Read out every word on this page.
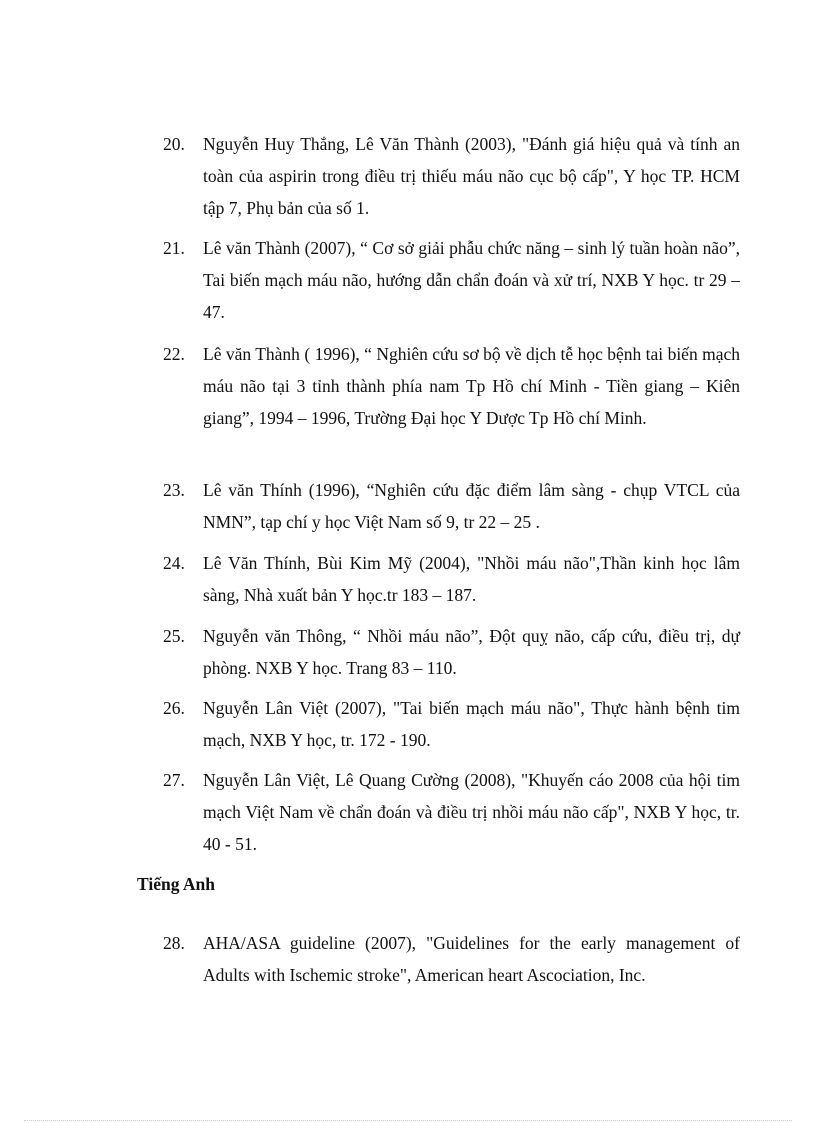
20.	Nguyễn Huy Thắng, Lê Văn Thành (2003), "Đánh giá hiệu quả và tính an toàn của aspirin trong điều trị thiếu máu não cục bộ cấp", Y học TP. HCM tập 7, Phụ bản của số 1.
21.	Lê văn Thành (2007), “ Cơ sở giải phẫu chức năng – sinh lý tuần hoàn não”, Tai biến mạch máu não, hướng dẫn chẩn đoán và xử trí, NXB Y học. tr 29 – 47.
22.	Lê văn Thành ( 1996), “ Nghiên cứu sơ bộ về dịch tễ học bệnh tai biến mạch máu não tại 3 tỉnh thành phía nam Tp Hồ chí Minh - Tiền giang – Kiên giang”, 1994 – 1996, Trường Đại học Y Dược Tp Hồ chí Minh.
23.	Lê văn Thính (1996), “Nghiên cứu đặc điểm lâm sàng - chụp VTCL của NMN”, tạp chí y học Việt Nam số 9, tr 22 – 25 .
24.	Lê Văn Thính, Bùi Kim Mỹ (2004), "Nhồi máu não",Thần kinh học lâm sàng, Nhà xuất bản Y học.tr 183 – 187.
25.	Nguyễn văn Thông, “ Nhồi máu não”, Đột quỵ não, cấp cứu, điều trị, dự phòng. NXB Y học. Trang 83 – 110.
26.	Nguyễn Lân Việt (2007), "Tai biến mạch máu não", Thực hành bệnh tim mạch, NXB Y học, tr. 172 - 190.
27.	Nguyễn Lân Việt, Lê Quang Cường (2008), "Khuyến cáo 2008 của hội tim mạch Việt Nam về chẩn đoán và điều trị nhồi máu não cấp", NXB Y học, tr. 40 - 51.
Tiếng Anh
28.	AHA/ASA guideline (2007), "Guidelines for the early management of Adults with Ischemic stroke", American heart Ascociation, Inc.
